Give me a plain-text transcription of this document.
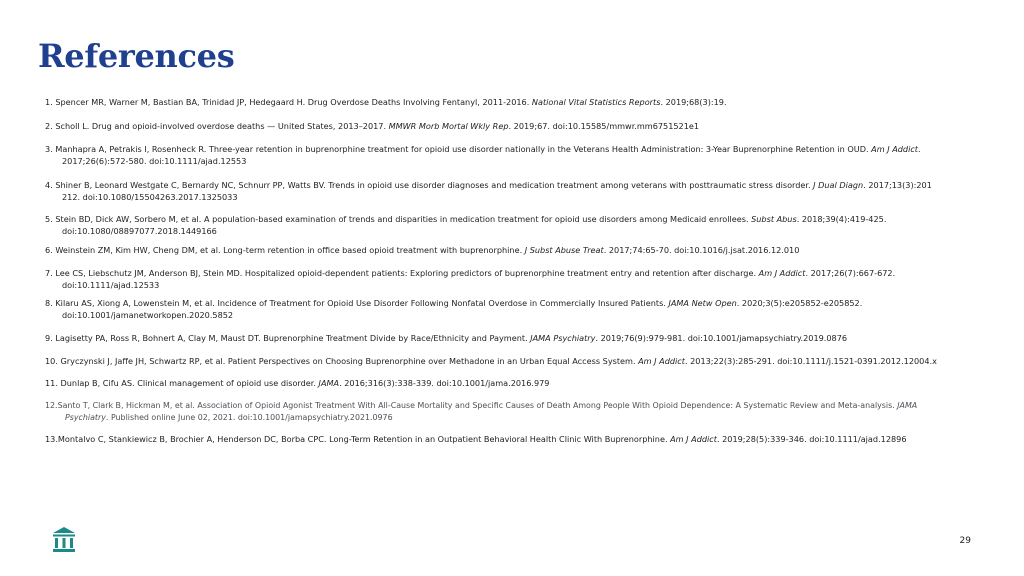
References
1. Spencer MR, Warner M, Bastian BA, Trinidad JP, Hedegaard H. Drug Overdose Deaths Involving Fentanyl, 2011-2016. National Vital Statistics Reports. 2019;68(3):19.
2. Scholl L. Drug and opioid-involved overdose deaths — United States, 2013–2017. MMWR Morb Mortal Wkly Rep. 2019;67. doi:10.15585/mmwr.mm6751521e1
3. Manhapra A, Petrakis I, Rosenheck R. Three-year retention in buprenorphine treatment for opioid use disorder nationally in the Veterans Health Administration: 3-Year Buprenorphine Retention in OUD. Am J Addict.
2017;26(6):572-580. doi:10.1111/ajad.12553
4. Shiner B, Leonard Westgate C, Bernardy NC, Schnurr PP, Watts BV. Trends in opioid use disorder diagnoses and medication treatment among veterans with posttraumatic stress disorder. J Dual Diagn. 2017;13(3):201
212. doi:10.1080/15504263.2017.1325033
5. Stein BD, Dick AW, Sorbero M, et al. A population-based examination of trends and disparities in medication treatment for opioid use disorders among Medicaid enrollees. Subst Abus. 2018;39(4):419-425.
doi:10.1080/08897077.2018.1449166
6. Weinstein ZM, Kim HW, Cheng DM, et al. Long-term retention in office based opioid treatment with buprenorphine. J Subst Abuse Treat. 2017;74:65-70. doi:10.1016/j.jsat.2016.12.010
7. Lee CS, Liebschutz JM, Anderson BJ, Stein MD. Hospitalized opioid-dependent patients: Exploring predictors of buprenorphine treatment entry and retention after discharge. Am J Addict. 2017;26(7):667-672.
doi:10.1111/ajad.12533
8. Kilaru AS, Xiong A, Lowenstein M, et al. Incidence of Treatment for Opioid Use Disorder Following Nonfatal Overdose in Commercially Insured Patients. JAMA Netw Open. 2020;3(5):e205852-e205852.
doi:10.1001/jamanetworkopen.2020.5852
9. Lagisetty PA, Ross R, Bohnert A, Clay M, Maust DT. Buprenorphine Treatment Divide by Race/Ethnicity and Payment. JAMA Psychiatry. 2019;76(9):979-981. doi:10.1001/jamapsychiatry.2019.0876
10. Gryczynski J, Jaffe JH, Schwartz RP, et al. Patient Perspectives on Choosing Buprenorphine over Methadone in an Urban Equal Access System. Am J Addict. 2013;22(3):285-291. doi:10.1111/j.1521-0391.2012.12004.x
11. Dunlap B, Cifu AS. Clinical management of opioid use disorder. JAMA. 2016;316(3):338-339. doi:10.1001/jama.2016.979
12.Santo T, Clark B, Hickman M, et al. Association of Opioid Agonist Treatment With All-Cause Mortality and Specific Causes of Death Among People With Opioid Dependence: A Systematic Review and Meta-analysis. JAMA
Psychiatry. Published online June 02, 2021. doi:10.1001/jamapsychiatry.2021.0976
13.Montalvo C, Stankiewicz B, Brochier A, Henderson DC, Borba CPC. Long-Term Retention in an Outpatient Behavioral Health Clinic With Buprenorphine. Am J Addict. 2019;28(5):339-346. doi:10.1111/ajad.12896
29
